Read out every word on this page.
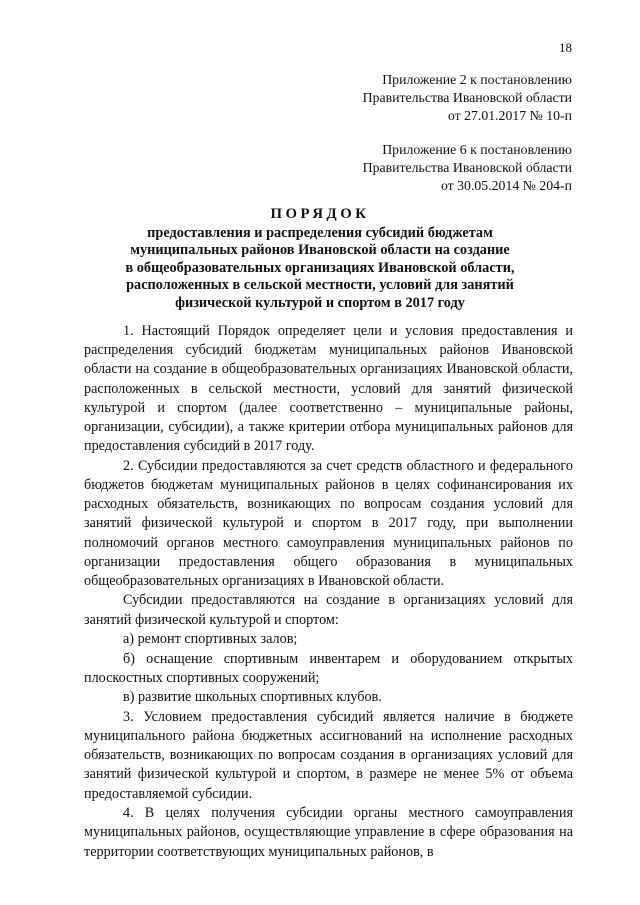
18
Приложение 2 к постановлению
Правительства Ивановской области
от 27.01.2017 № 10-п
Приложение 6 к постановлению
Правительства Ивановской области
от 30.05.2014 № 204-п
ПОРЯДОК
предоставления и распределения субсидий бюджетам
муниципальных районов Ивановской области на создание
в общеобразовательных организациях Ивановской области,
расположенных в сельской местности, условий для занятий
физической культурой и спортом в 2017 году

1. Настоящий Порядок определяет цели и условия предоставления и распределения субсидий бюджетам муниципальных районов Ивановской области на создание в общеобразовательных организациях Ивановской области, расположенных в сельской местности, условий для занятий физической культурой и спортом (далее соответственно – муниципальные районы, организации, субсидии), а также критерии отбора муниципальных районов для предоставления субсидий в 2017 году.

2. Субсидии предоставляются за счет средств областного и федерального бюджетов бюджетам муниципальных районов в целях софинансирования их расходных обязательств, возникающих по вопросам создания условий для занятий физической культурой и спортом в 2017 году, при выполнении полномочий органов местного самоуправления муниципальных районов по организации предоставления общего образования в муниципальных общеобразовательных организациях в Ивановской области.

Субсидии предоставляются на создание в организациях условий для занятий физической культурой и спортом:

а) ремонт спортивных залов;

б) оснащение спортивным инвентарем и оборудованием открытых плоскостных спортивных сооружений;

в) развитие школьных спортивных клубов.

3. Условием предоставления субсидий является наличие в бюджете муниципального района бюджетных ассигнований на исполнение расходных обязательств, возникающих по вопросам создания в организациях условий для занятий физической культурой и спортом, в размере не менее 5% от объема предоставляемой субсидии.

4. В целях получения субсидии органы местного самоуправления муниципальных районов, осуществляющие управление в сфере образования на территории соответствующих муниципальных районов, в
